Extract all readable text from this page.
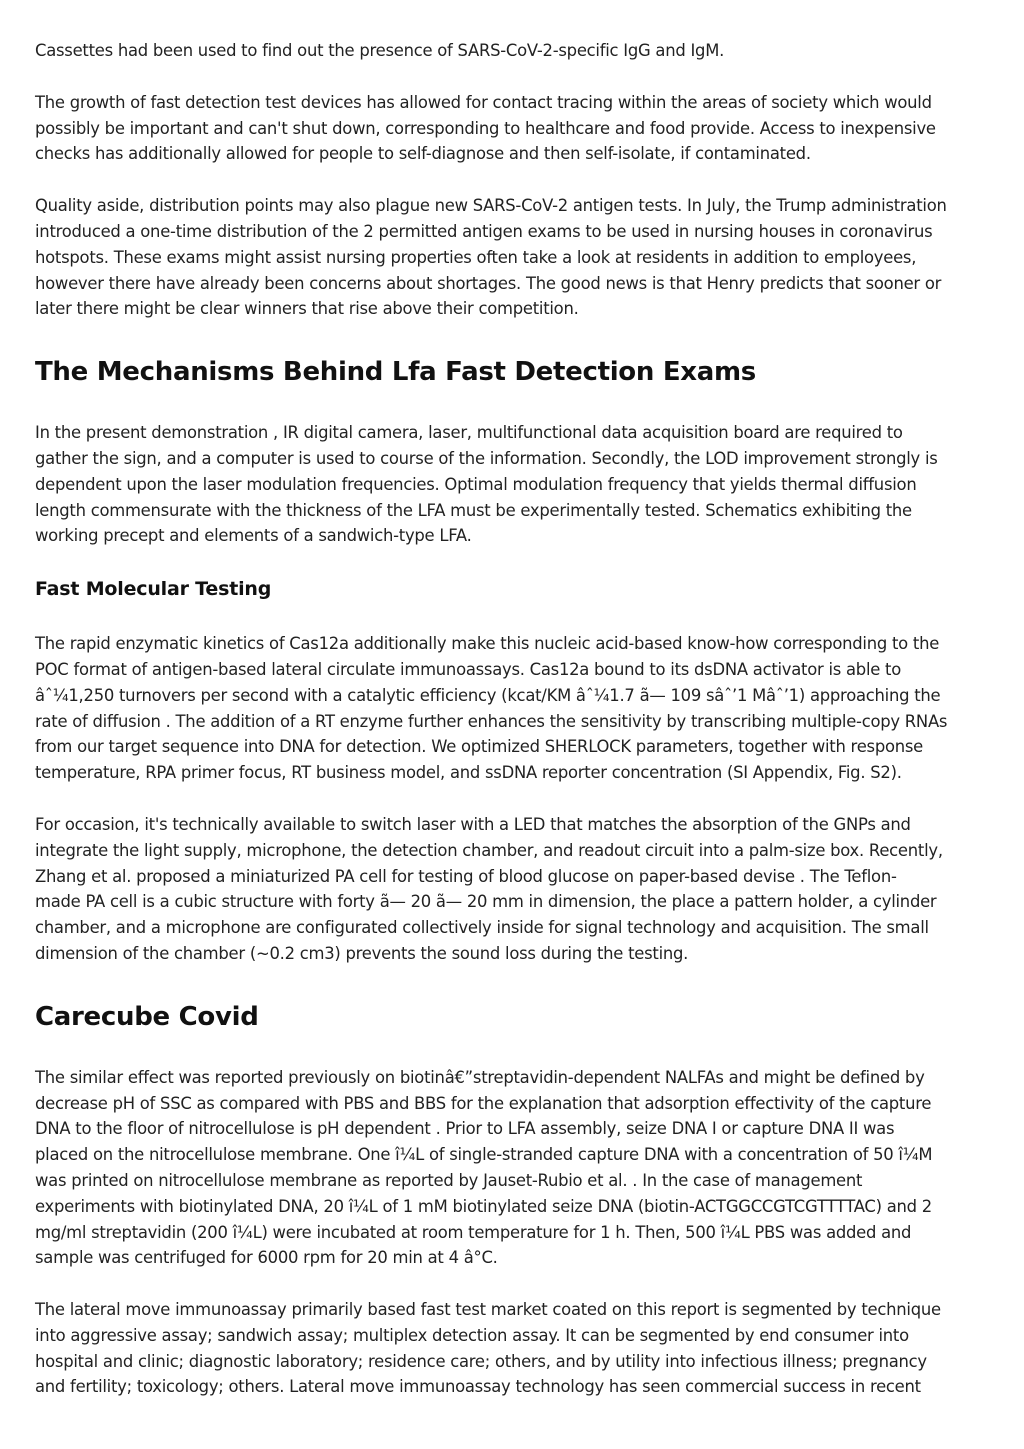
Cassettes had been used to find out the presence of SARS-CoV-2-specific IgG and IgM.

The growth of fast detection test devices has allowed for contact tracing within the areas of society which would
possibly be important and can't shut down, corresponding to healthcare and food provide. Access to inexpensive
checks has additionally allowed for people to self-diagnose and then self-isolate, if contaminated.

Quality aside, distribution points may also plague new SARS-CoV-2 antigen tests. In July, the Trump administration
introduced a one-time distribution of the 2 permitted antigen exams to be used in nursing houses in coronavirus
hotspots. These exams might assist nursing properties often take a look at residents in addition to employees,
however there have already been concerns about shortages. The good news is that Henry predicts that sooner or
later there might be clear winners that rise above their competition.

The Mechanisms Behind Lfa Fast Detection Exams

In the present demonstration , IR digital camera, laser, multifunctional data acquisition board are required to
gather the sign, and a computer is used to course of the information. Secondly, the LOD improvement strongly is
dependent upon the laser modulation frequencies. Optimal modulation frequency that yields thermal diffusion
length commensurate with the thickness of the LFA must be experimentally tested. Schematics exhibiting the
working precept and elements of a sandwich-type LFA.

Fast Molecular Testing

The rapid enzymatic kinetics of Cas12a additionally make this nucleic acid-based know-how corresponding to the
POC format of antigen-based lateral circulate immunoassays. Cas12a bound to its dsDNA activator is able to
âˆ¼1,250 turnovers per second with a catalytic efficiency (kcat/KM âˆ¼1.7 ã— 109 sâˆ’1 Mâˆ’1) approaching the
rate of diffusion . The addition of a RT enzyme further enhances the sensitivity by transcribing multiple-copy RNAs
from our target sequence into DNA for detection. We optimized SHERLOCK parameters, together with response
temperature, RPA primer focus, RT business model, and ssDNA reporter concentration (SI Appendix, Fig. S2).

For occasion, it's technically available to switch laser with a LED that matches the absorption of the GNPs and
integrate the light supply, microphone, the detection chamber, and readout circuit into a palm-size box. Recently,
Zhang et al. proposed a miniaturized PA cell for testing of blood glucose on paper-based devise . The Teflon-
made PA cell is a cubic structure with forty ã— 20 ã— 20 mm in dimension, the place a pattern holder, a cylinder
chamber, and a microphone are configurated collectively inside for signal technology and acquisition. The small
dimension of the chamber (~0.2 cm3) prevents the sound loss during the testing.

Carecube Covid

The similar effect was reported previously on biotinâ€”streptavidin-dependent NALFAs and might be defined by
decrease pH of SSC as compared with PBS and BBS for the explanation that adsorption effectivity of the capture
DNA to the floor of nitrocellulose is pH dependent . Prior to LFA assembly, seize DNA I or capture DNA II was
placed on the nitrocellulose membrane. One î¼L of single-stranded capture DNA with a concentration of 50 î¼M
was printed on nitrocellulose membrane as reported by Jauset-Rubio et al. . In the case of management
experiments with biotinylated DNA, 20 î¼L of 1 mM biotinylated seize DNA (biotin-ACTGGCCGTCGTTTTAC) and 2
mg/ml streptavidin (200 î¼L) were incubated at room temperature for 1 h. Then, 500 î¼L PBS was added and
sample was centrifuged for 6000 rpm for 20 min at 4 â°C.

The lateral move immunoassay primarily based fast test market coated on this report is segmented by technique
into aggressive assay; sandwich assay; multiplex detection assay. It can be segmented by end consumer into
hospital and clinic; diagnostic laboratory; residence care; others, and by utility into infectious illness; pregnancy
and fertility; toxicology; others. Lateral move immunoassay technology has seen commercial success in recent
